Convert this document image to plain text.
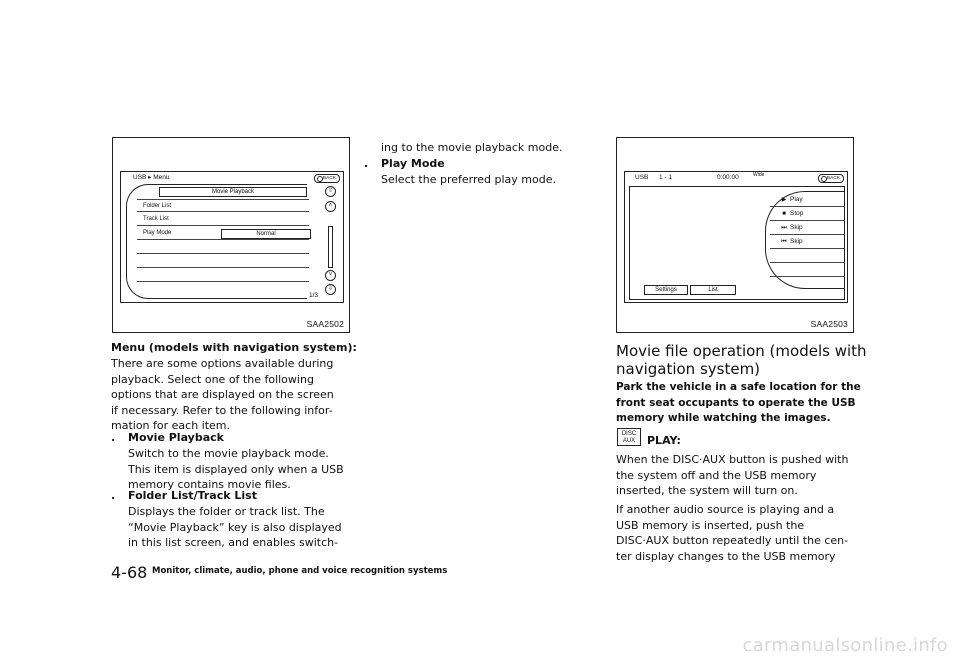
USB ▸ Menu	BACK
Movie Playback
Folder List
Track List
Play Mode	Normal
⇧
˄
˅
⇩
1/3
SAA2502
USB 1 - 1	0:00:00	Wide	BACK
▶ Play
■ Stop
⏭ Skip
⏮ Skip
Settings	List
SAA2503
Menu (models with navigation system):
There are some options available during
playback. Select one of the following
options that are displayed on the screen
if necessary. Refer to the following infor-
mation for each item.
. Movie Playback
Switch to the movie playback mode.
This item is displayed only when a USB
memory contains movie files.
. Folder List/Track List
Displays the folder or track list. The
“Movie Playback” key is also displayed
in this list screen, and enables switch-
ing to the movie playback mode.
. Play Mode
Select the preferred play mode.
Movie file operation (models with
navigation system)
Park the vehicle in a safe location for the
front seat occupants to operate the USB
memory while watching the images.
DISC AUX	PLAY:
When the DISC·AUX button is pushed with
the system off and the USB memory
inserted, the system will turn on.
If another audio source is playing and a
USB memory is inserted, push the
DISC·AUX button repeatedly until the cen-
ter display changes to the USB memory
4-68 Monitor, climate, audio, phone and voice recognition systems
carmanualsonline.info
